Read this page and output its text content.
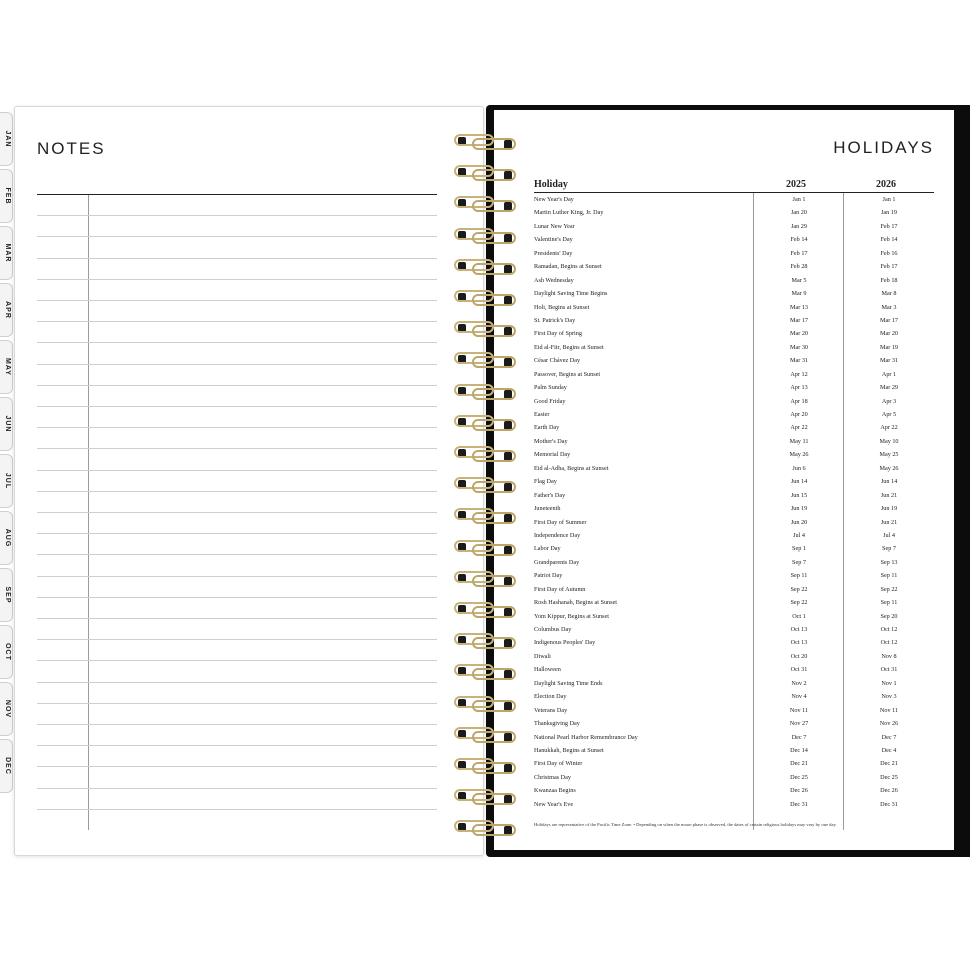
JAN
FEB
MAR
APR
MAY
JUN
JUL
AUG
SEP
OCT
NOV
DEC
NOTES	HOLIDAYS
Holiday	2025	2026
New Year's Day	Jan 1	Jan 1
Martin Luther King, Jr. Day	Jan 20	Jan 19
Lunar New Year	Jan 29	Feb 17
Valentine's Day	Feb 14	Feb 14
Presidents' Day	Feb 17	Feb 16
Ramadan, Begins at Sunset	Feb 28	Feb 17
Ash Wednesday	Mar 5	Feb 18
Daylight Saving Time Begins	Mar 9	Mar 8
Holi, Begins at Sunset	Mar 13	Mar 3
St. Patrick's Day	Mar 17	Mar 17
First Day of Spring	Mar 20	Mar 20
Eid al-Fitr, Begins at Sunset	Mar 30	Mar 19
César Chávez Day	Mar 31	Mar 31
Passover, Begins at Sunset	Apr 12	Apr 1
Palm Sunday	Apr 13	Mar 29
Good Friday	Apr 18	Apr 3
Easter	Apr 20	Apr 5
Earth Day	Apr 22	Apr 22
Mother's Day	May 11	May 10
Memorial Day	May 26	May 25
Eid al-Adha, Begins at Sunset	Jun 6	May 26
Flag Day	Jun 14	Jun 14
Father's Day	Jun 15	Jun 21
Juneteenth	Jun 19	Jun 19
First Day of Summer	Jun 20	Jun 21
Independence Day	Jul 4	Jul 4
Labor Day	Sep 1	Sep 7
Grandparents Day	Sep 7	Sep 13
Patriot Day	Sep 11	Sep 11
First Day of Autumn	Sep 22	Sep 22
Rosh Hashanah, Begins at Sunset	Sep 22	Sep 11
Yom Kippur, Begins at Sunset	Oct 1	Sep 20
Columbus Day	Oct 13	Oct 12
Indigenous Peoples' Day	Oct 13	Oct 12
Diwali	Oct 20	Nov 8
Halloween	Oct 31	Oct 31
Daylight Saving Time Ends	Nov 2	Nov 1
Election Day	Nov 4	Nov 3
Veterans Day	Nov 11	Nov 11
Thanksgiving Day	Nov 27	Nov 26
National Pearl Harbor Remembrance Day	Dec 7	Dec 7
Hanukkah, Begins at Sunset	Dec 14	Dec 4
First Day of Winter	Dec 21	Dec 21
Christmas Day	Dec 25	Dec 25
Kwanzaa Begins	Dec 26	Dec 26
New Year's Eve	Dec 31	Dec 31
Holidays are representative of the Pacific Time Zone. • Depending on when the moon phase is observed, the dates of certain religious holidays may vary by one day.
